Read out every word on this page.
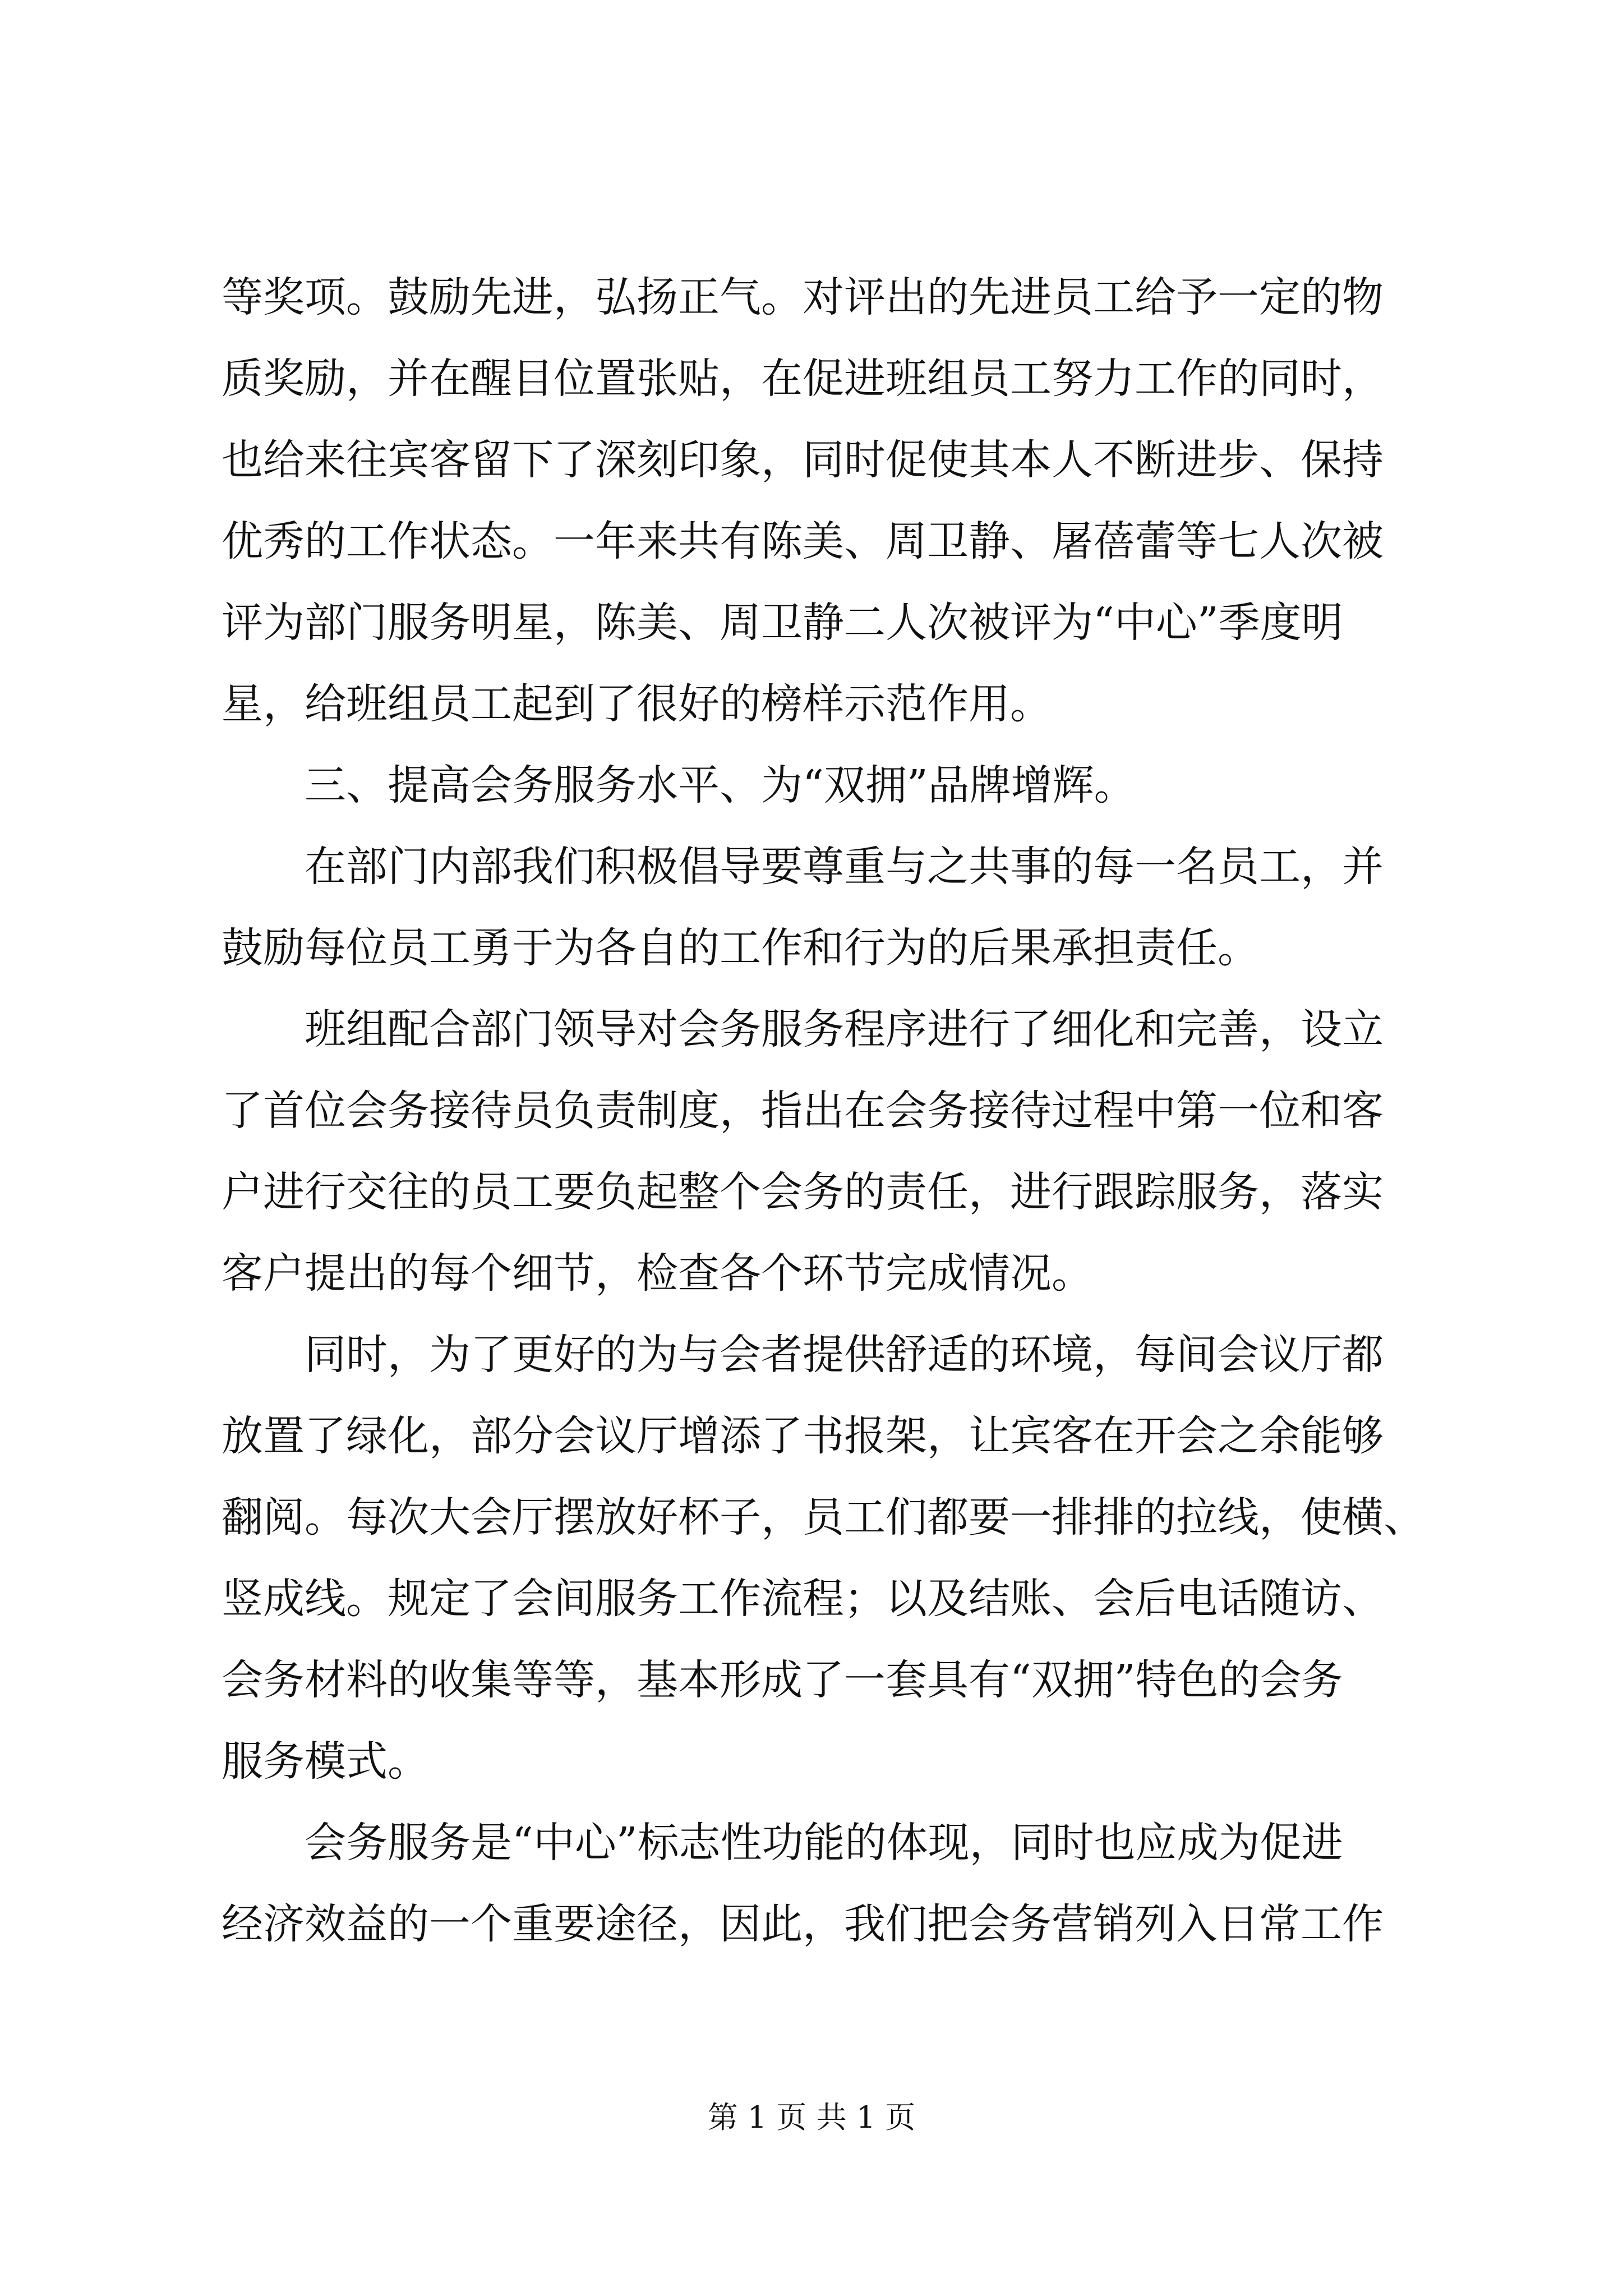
等奖项。鼓励先进，弘扬正气。对评出的先进员工给予一定的物
质奖励，并在醒目位置张贴，在促进班组员工努力工作的同时，
也给来往宾客留下了深刻印象，同时促使其本人不断进步、保持
优秀的工作状态。一年来共有陈美、周卫静、屠蓓蕾等七人次被
评为部门服务明星，陈美、周卫静二人次被评为“中心”季度明
星，给班组员工起到了很好的榜样示范作用。
三、提高会务服务水平、为“双拥”品牌增辉。
在部门内部我们积极倡导要尊重与之共事的每一名员工，并
鼓励每位员工勇于为各自的工作和行为的后果承担责任。
班组配合部门领导对会务服务程序进行了细化和完善，设立
了首位会务接待员负责制度，指出在会务接待过程中第一位和客
户进行交往的员工要负起整个会务的责任，进行跟踪服务，落实
客户提出的每个细节，检查各个环节完成情况。
同时，为了更好的为与会者提供舒适的环境，每间会议厅都
放置了绿化，部分会议厅增添了书报架，让宾客在开会之余能够
翻阅。每次大会厅摆放好杯子，员工们都要一排排的拉线，使横、
竖成线。规定了会间服务工作流程；以及结账、会后电话随访、
会务材料的收集等等，基本形成了一套具有“双拥”特色的会务
服务模式。
会务服务是“中心”标志性功能的体现，同时也应成为促进
经济效益的一个重要途径，因此，我们把会务营销列入日常工作
第 1 页 共 1 页
